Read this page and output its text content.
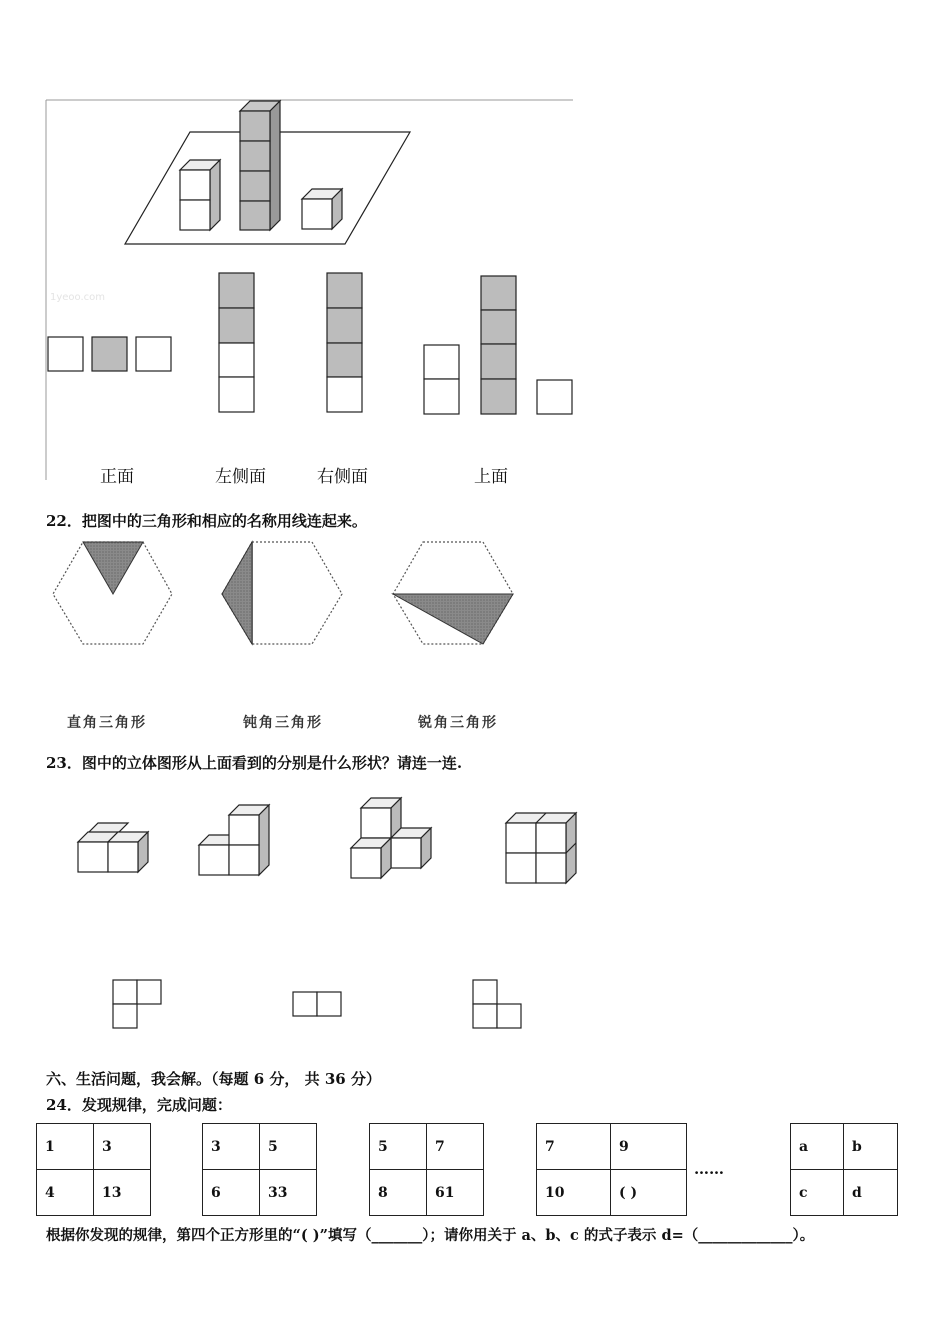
1yeoo.com
正面	左侧面	右侧面	上面
22．把图中的三角形和相应的名称用线连起来。
直角三角形	钝角三角形	锐角三角形
23．图中的立体图形从上面看到的分别是什么形状？请连一连.
六、生活问题，我会解。（每题 6 分， 共 36 分）
24．发现规律，完成问题：
1	3
4	13
3	5
6	33
5	7
8	61
7	9
10	( )
……
a	b
c	d
根据你发现的规律，第四个正方形里的“( )”填写（_______）；请你用关于 a、b、c 的式子表示 d=（_____________）。
